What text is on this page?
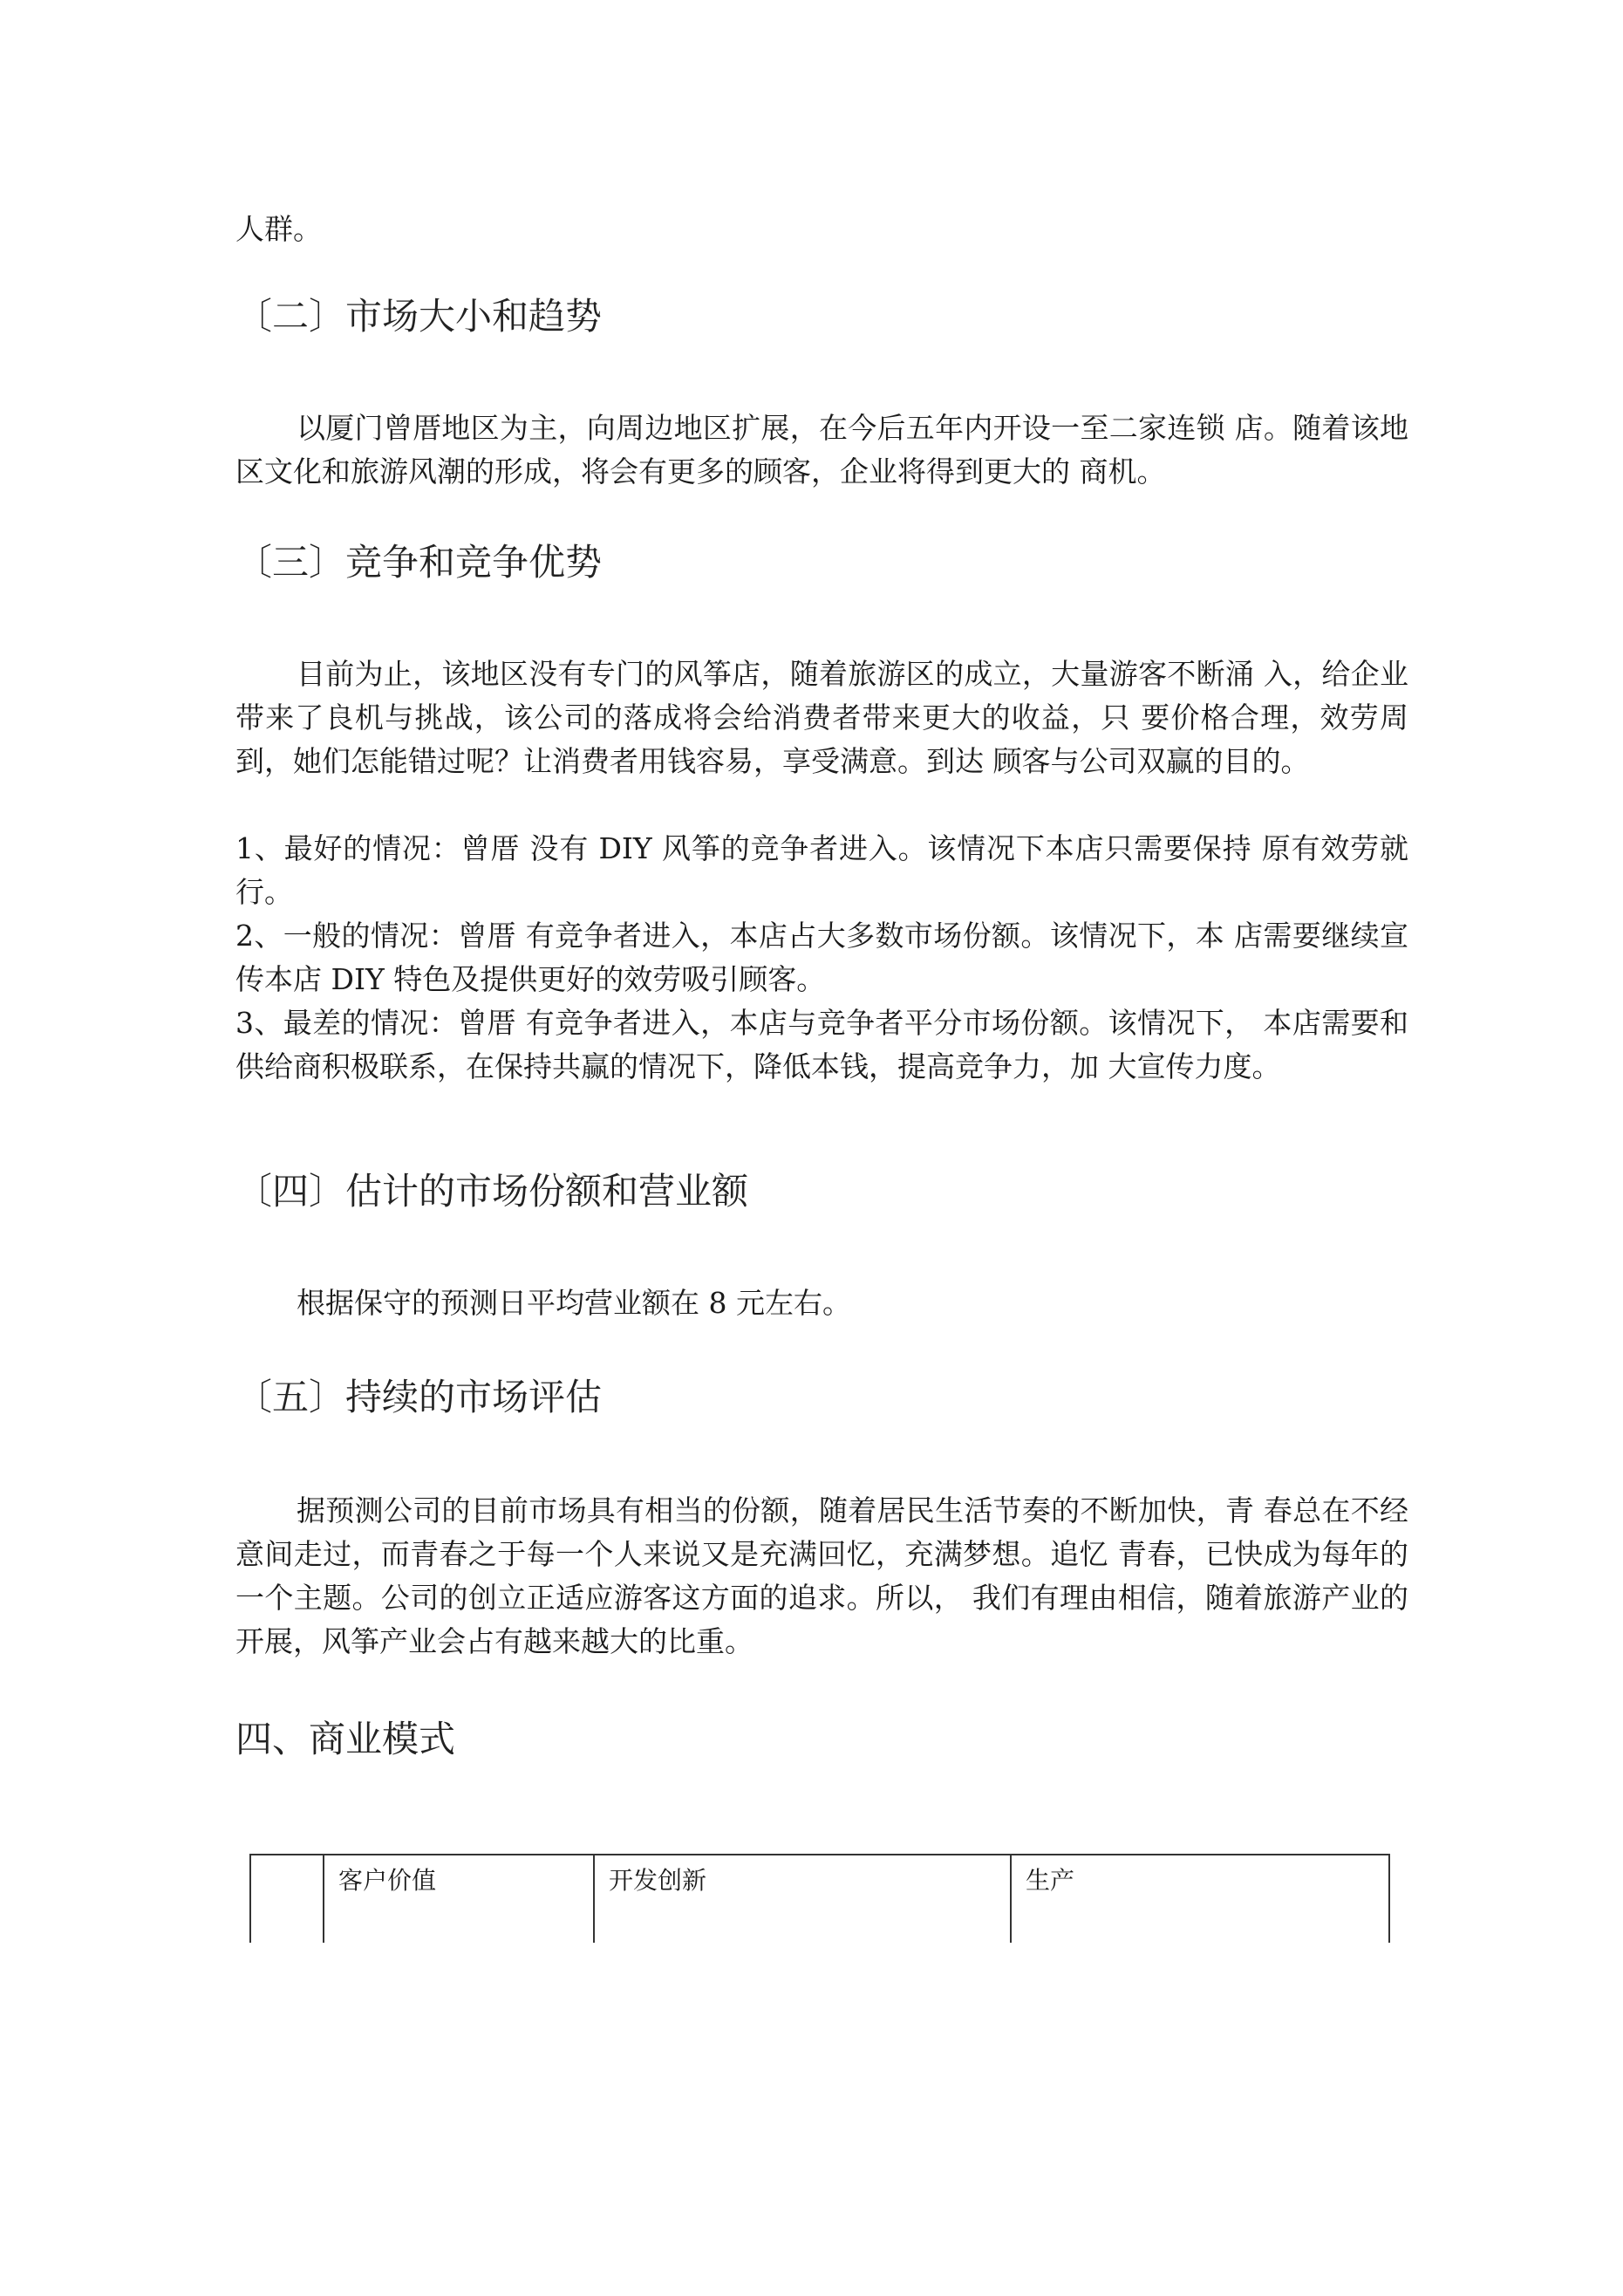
人群。

〔二〕市场大小和趋势

以厦门曾厝地区为主，向周边地区扩展，在今后五年内开设一至二家连锁 店。随着该地区文化和旅游风潮的形成，将会有更多的顾客，企业将得到更大的 商机。

〔三〕竞争和竞争优势

目前为止，该地区没有专门的风筝店，随着旅游区的成立，大量游客不断涌 入，给企业带来了良机与挑战，该公司的落成将会给消费者带来更大的收益，只 要价格合理，效劳周到，她们怎能错过呢？让消费者用钱容易，享受满意。到达 顾客与公司双赢的目的。

1、最好的情况：曾厝 没有 DIY 风筝的竞争者进入。该情况下本店只需要保持 原有效劳就行。

2、一般的情况：曾厝 有竞争者进入，本店占大多数市场份额。该情况下，本 店需要继续宣传本店 DIY 特色及提供更好的效劳吸引顾客。

3、最差的情况：曾厝 有竞争者进入，本店与竞争者平分市场份额。该情况下， 本店需要和供给商积极联系，在保持共赢的情况下，降低本钱，提高竞争力，加 大宣传力度。

〔四〕估计的市场份额和营业额

根据保守的预测日平均营业额在 8 元左右。

〔五〕持续的市场评估

据预测公司的目前市场具有相当的份额，随着居民生活节奏的不断加快，青 春总在不经意间走过，而青春之于每一个人来说又是充满回忆，充满梦想。追忆 青春，已快成为每年的一个主题。公司的创立正适应游客这方面的追求。所以， 我们有理由相信，随着旅游产业的开展，风筝产业会占有越来越大的比重。

四、商业模式
客户价值	开发创新	生产
